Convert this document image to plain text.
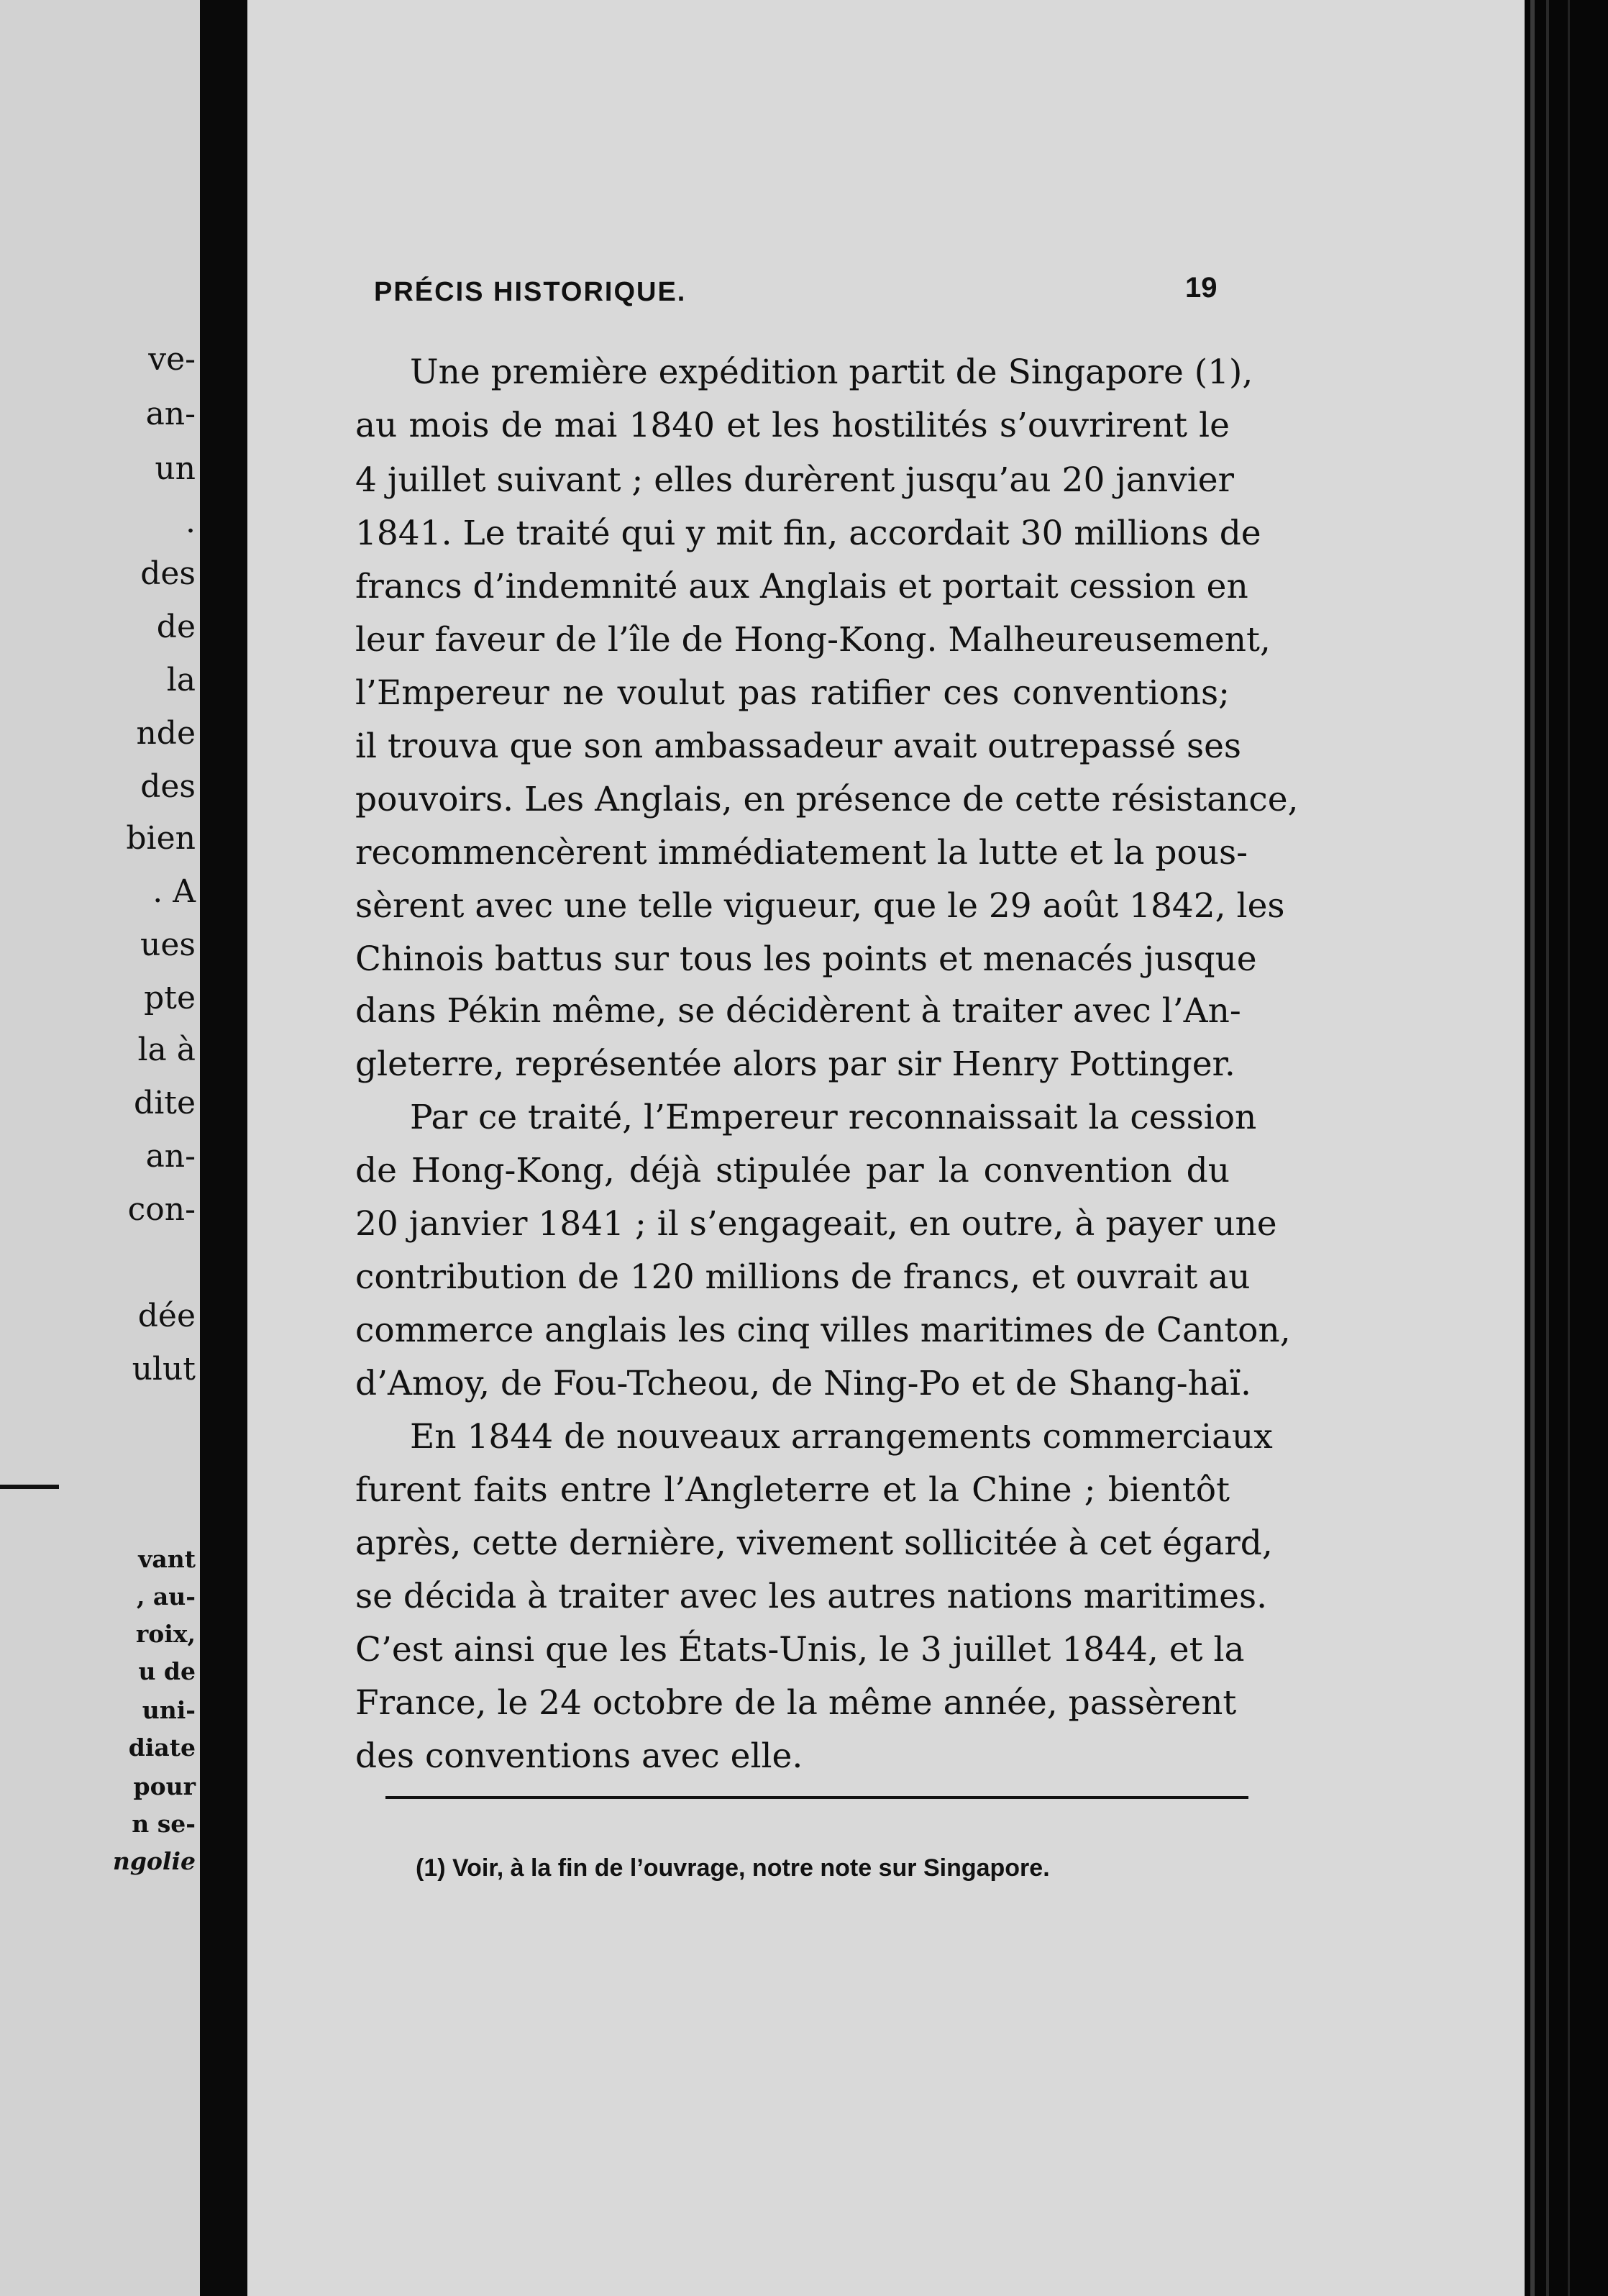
ve-
an-
un
.
des
de
la
nde
des
bien
. A
ues
pte
la à
dite
an-
con-
dée
ulut
vant
, au-
roix,
u de
uni-
diate
pour
n se-
ngolie
PRÉCIS HISTORIQUE.	19
Une première expédition partit de Singapore (1),
au mois de mai 1840 et les hostilités s’ouvrirent le
4 juillet suivant ; elles durèrent jusqu’au 20 janvier
1841. Le traité qui y mit fin, accordait 30 millions de
francs d’indemnité aux Anglais et portait cession en
leur faveur de l’île de Hong-Kong. Malheureusement,
l’Empereur ne voulut pas ratifier ces conventions;
il trouva que son ambassadeur avait outrepassé ses
pouvoirs. Les Anglais, en présence de cette résistance,
recommencèrent immédiatement la lutte et la pous-
sèrent avec une telle vigueur, que le 29 août 1842, les
Chinois battus sur tous les points et menacés jusque
dans Pékin même, se décidèrent à traiter avec l’An-
gleterre, représentée alors par sir Henry Pottinger.
Par ce traité, l’Empereur reconnaissait la cession
de Hong-Kong, déjà stipulée par la convention du
20 janvier 1841 ; il s’engageait, en outre, à payer une
contribution de 120 millions de francs, et ouvrait au
commerce anglais les cinq villes maritimes de Canton,
d’Amoy, de Fou-Tcheou, de Ning-Po et de Shang-haï.
En 1844 de nouveaux arrangements commerciaux
furent faits entre l’Angleterre et la Chine ; bientôt
après, cette dernière, vivement sollicitée à cet égard,
se décida à traiter avec les autres nations maritimes.
C’est ainsi que les États-Unis, le 3 juillet 1844, et la
France, le 24 octobre de la même année, passèrent
des conventions avec elle.
(1) Voir, à la fin de l’ouvrage, notre note sur Singapore.
